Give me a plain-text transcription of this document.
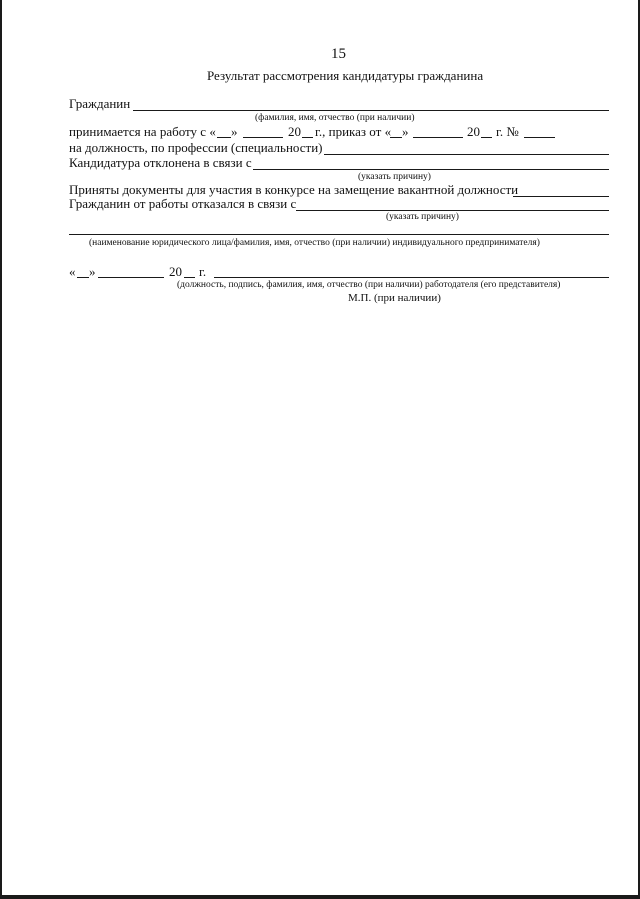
15
Результат рассмотрения кандидатуры гражданина
Гражданин
(фамилия, имя, отчество (при наличии)
принимается на работу с « »	20 г., приказ от « »	20 г. №
на должность, по профессии (специальности)
Кандидатура отклонена в связи с
(указать причину)
Приняты документы для участия в конкурсе на замещение вакантной должности
Гражданин от работы отказался в связи с
(указать причину)
(наименование юридического лица/фамилия, имя, отчество (при наличии) индивидуального предпринимателя)
« »	20 г.
(должность, подпись, фамилия, имя, отчество (при наличии) работодателя (его представителя)
М.П. (при наличии)
